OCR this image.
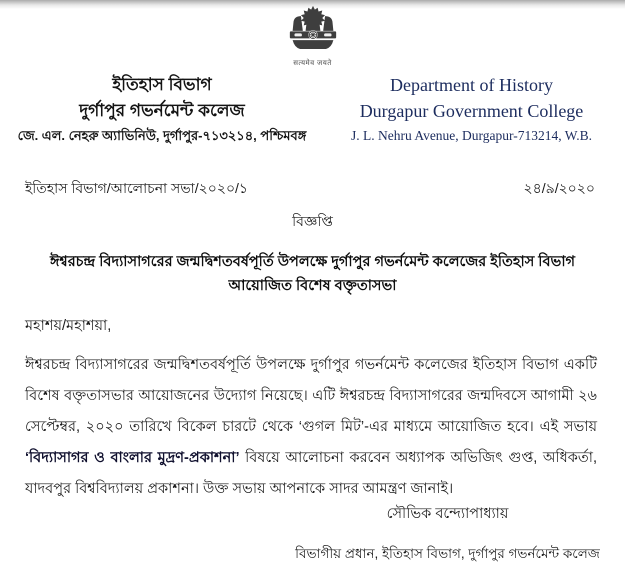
सत्यमेव जयते
ইতিহাস বিভাগ
দুর্গাপুর গভর্নমেন্ট কলেজ
জে. এল. নেহরু অ্যাভিনিউ, দুর্গাপুর-৭১৩২১৪, পশ্চিমবঙ্গ
Department of History
Durgapur Government College
J. L. Nehru Avenue, Durgapur-713214, W.B.
ইতিহাস বিভাগ/আলোচনা সভা/২০২০/১	২৪/৯/২০২০
বিজ্ঞপ্তি
ঈশ্বরচন্দ্র বিদ্যাসাগরের জন্মদ্বিশতবর্ষপূর্তি উপলক্ষে দুর্গাপুর গভর্নমেন্ট কলেজের ইতিহাস বিভাগ
আয়োজিত বিশেষ বক্তৃতাসভা
মহাশয়/মহাশয়া,

ঈশ্বরচন্দ্র বিদ্যাসাগরের জন্মদ্বিশতবর্ষপূর্তি উপলক্ষে দুর্গাপুর গভর্নমেন্ট কলেজের ইতিহাস বিভাগ একটি বিশেষ বক্তৃতাসভার আয়োজনের উদ্যোগ নিয়েছে। এটি ঈশ্বরচন্দ্র বিদ্যাসাগরের জন্মদিবসে আগামী ২৬ সেপ্টেম্বর, ২০২০ তারিখে বিকেল চারটে থেকে ‘গুগল মিট’-এর মাধ্যমে আয়োজিত হবে। এই সভায় ‘বিদ্যাসাগর ও বাংলার মুদ্রণ-প্রকাশনা’ বিষয়ে আলোচনা করবেন অধ্যাপক অভিজিৎ গুপ্ত, অধিকর্তা, যাদবপুর বিশ্ববিদ্যালয় প্রকাশনা। উক্ত সভায় আপনাকে সাদর আমন্ত্রণ জানাই।

সৌভিক বন্দ্যোপাধ্যায়
বিভাগীয় প্রধান, ইতিহাস বিভাগ, দুর্গাপুর গভর্নমেন্ট কলেজ
